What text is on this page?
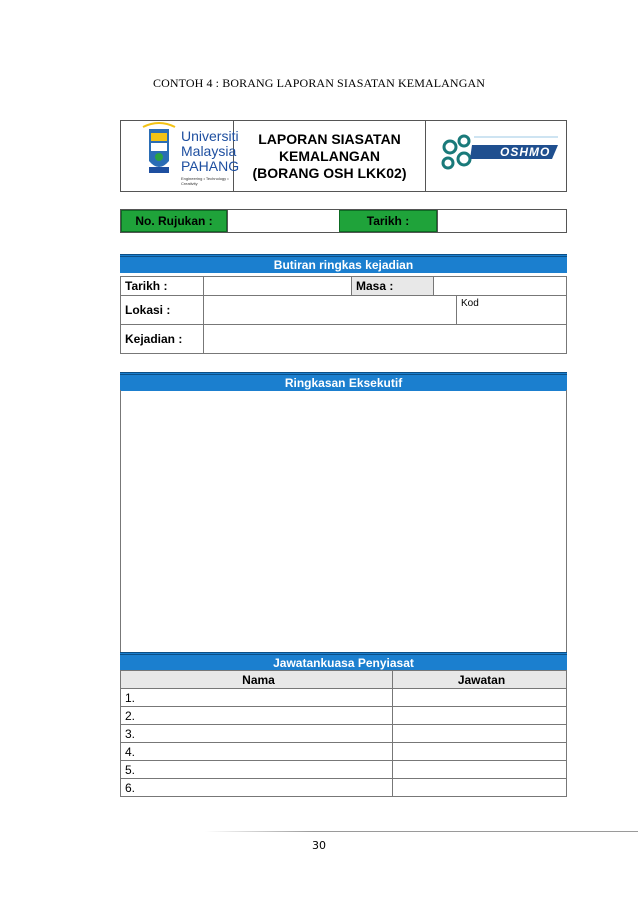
CONTOH 4 : BORANG LAPORAN SIASATAN KEMALANGAN
Universiti
Malaysia
PAHANG
Engineering • Technology • Creativity
LAPORAN SIASATAN
KEMALANGAN
(BORANG OSH LKK02)
OSHMO
No. Rujukan :	Tarikh :
Butiran ringkas kejadian
Tarikh :		Masa :		
Lokasi :				Kod
Kejadian :				
Ringkasan Eksekutif
Jawatankuasa Penyiasat
Nama	Jawatan
1.	
2.	
3.	
4.	
5.	
6.	
30
